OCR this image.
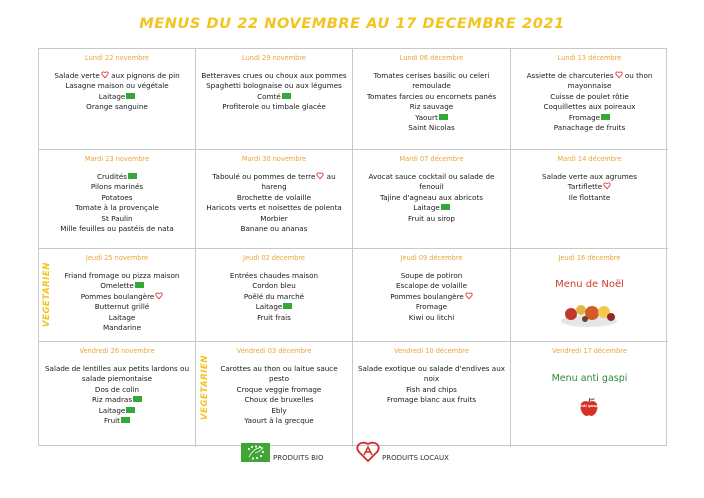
MENUS DU 22 NOVEMBRE AU 17 DECEMBRE 2021
Lundi 22 novembre
Salade verte aux pignons de pin
Lasagne maison ou végétale
Laitage
Orange sanguine
Lundi 29 novembre
Betteraves crues ou choux aux pommes
Spaghetti bolognaise ou aux légumes
Comté
Profiterole ou timbale glacée
Lundi 06 décembre
Tomates cerises basilic ou celeri remoulade
Tomates farcies ou encornets panés
Riz sauvage
Yaourt
Saint Nicolas
Lundi 13 décembre
Assiette de charcuteries ou thon mayonnaise
Cuisse de poulet rôtie
Coquillettes aux poireaux
Fromage
Panachage de fruits
Mardi 23 novembre
Crudités
Pilons marinés
Potatoes
Tomate à la provençale
St Paulin
Mille feuilles ou pastéis de nata
Mardi 30 novembre
Taboulé ou pommes de terre au hareng
Brochette de volaille
Haricots verts et noisettes de polenta
Morbier
Banane ou ananas
Mardi 07 décembre
Avocat sauce cocktail ou salade de fenouil
Tajine d'agneau aux abricots
Laitage
Fruit au sirop
Mardi 14 décembre
Salade verte aux agrumes
Tartiflette
Ile flottante
Jeudi 25 novembre
Friand fromage ou pizza maison
Omelette
Pommes boulangère
Butternut grillé
Laitage
Mandarine
Jeudi 02 décembre
Entrées chaudes maison
Cordon bleu
Poêlé du marché
Laitage
Fruit frais
Jeudi 09 décembre
Soupe de potiron
Escalope de volaille
Pommes boulangère
Fromage
Kiwi ou litchi
Jeudi 16 décembre
Menu de Noël
Vendredi 26 novembre
Salade de lentilles aux petits lardons ou salade piemontaise
Dos de colin
Riz madras
Laitage
Fruit
Vendredi 03 décembre
Carottes au thon ou laitue sauce pesto
Croque veggie fromage
Choux de bruxelles
Ebly
Yaourt à la grecque
Vendredi 10 décembre
Salade exotique ou salade d'endives aux noix
Fish and chips
Fromage blanc aux fruits
Vendredi 17 décembre
Menu anti gaspi
anti gaspi
VEGETARIEN
VEGETARIEN
PRODUITS BIO	PRODUITS LOCAUX
